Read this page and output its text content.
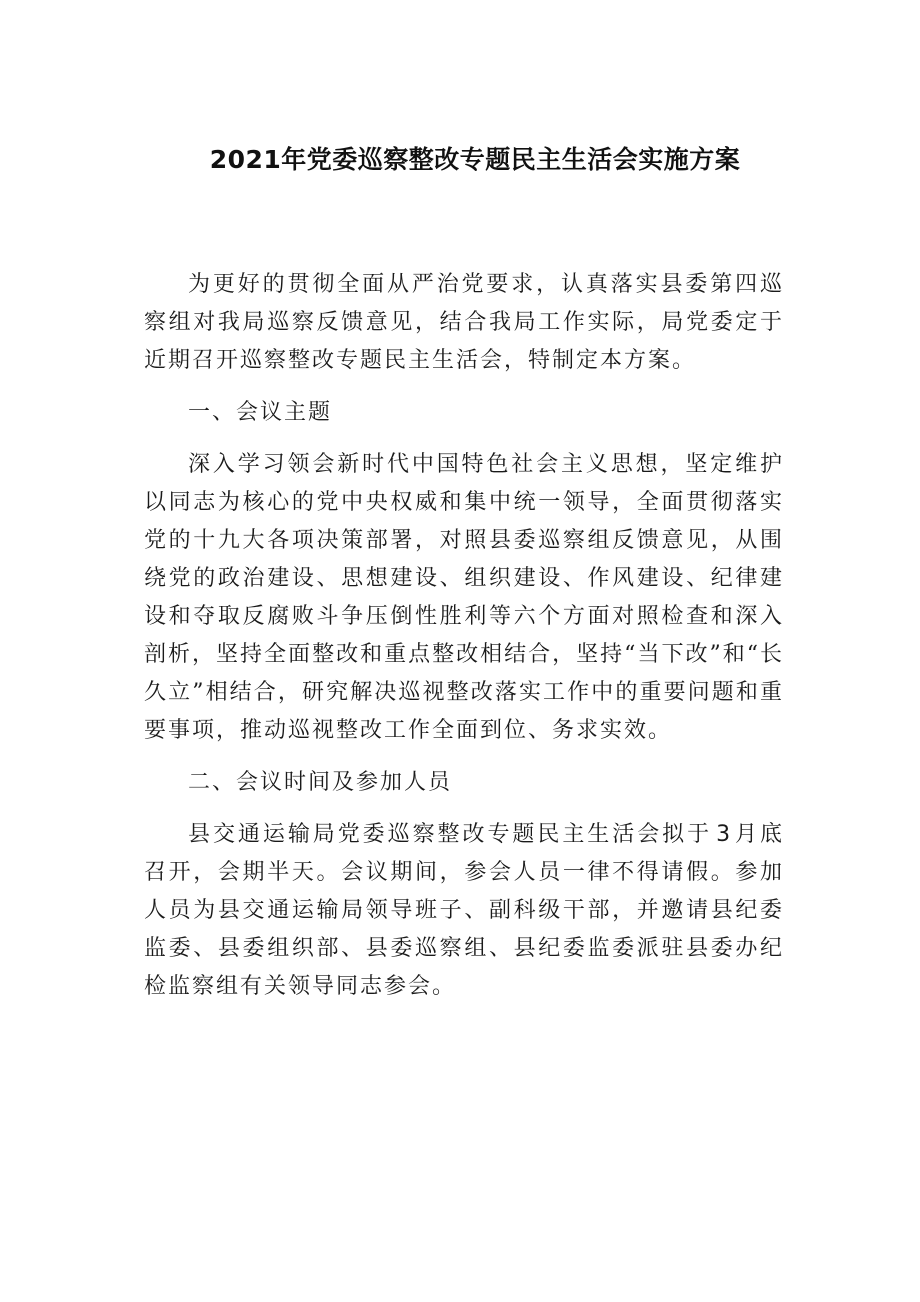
2021年党委巡察整改专题民主生活会实施方案

为更好的贯彻全面从严治党要求，认真落实县委第四巡察组对我局巡察反馈意见，结合我局工作实际，局党委定于近期召开巡察整改专题民主生活会，特制定本方案。

一、会议主题

深入学习领会新时代中国特色社会主义思想，坚定维护以同志为核心的党中央权威和集中统一领导，全面贯彻落实党的十九大各项决策部署，对照县委巡察组反馈意见，从围绕党的政治建设、思想建设、组织建设、作风建设、纪律建设和夺取反腐败斗争压倒性胜利等六个方面对照检查和深入剖析，坚持全面整改和重点整改相结合，坚持“当下改”和“长久立”相结合，研究解决巡视整改落实工作中的重要问题和重要事项，推动巡视整改工作全面到位、务求实效。

二、会议时间及参加人员

县交通运输局党委巡察整改专题民主生活会拟于 3 月底召开，会期半天。会议期间，参会人员一律不得请假。参加人员为县交通运输局领导班子、副科级干部，并邀请县纪委监委、县委组织部、县委巡察组、县纪委监委派驻县委办纪检监察组有关领导同志参会。
